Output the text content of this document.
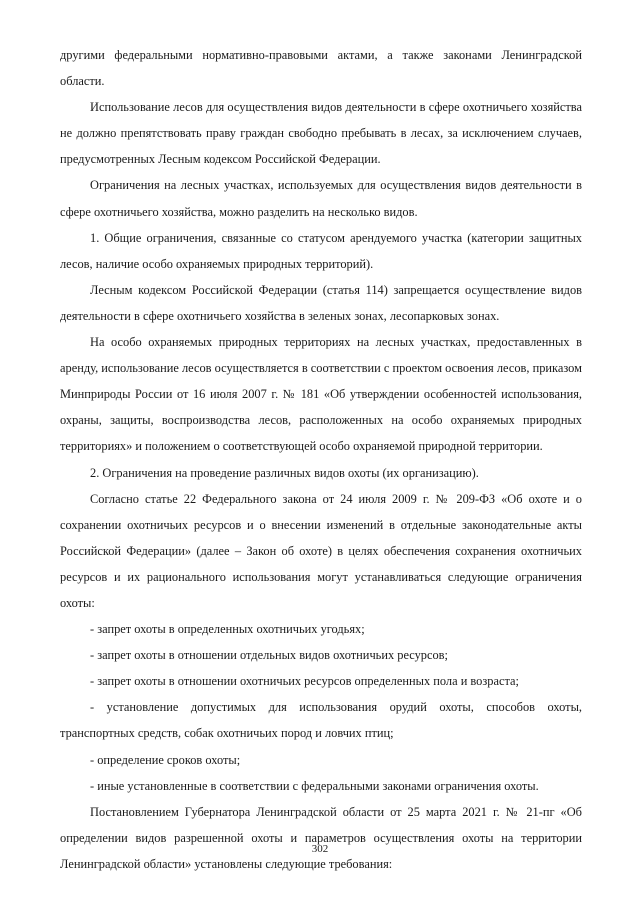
другими федеральными нормативно-правовыми актами, а также законами Ленинградской области.

Использование лесов для осуществления видов деятельности в сфере охотничьего хозяйства не должно препятствовать праву граждан свободно пребывать в лесах, за исключением случаев, предусмотренных Лесным кодексом Российской Федерации.

Ограничения на лесных участках, используемых для осуществления видов деятельности в сфере охотничьего хозяйства, можно разделить на несколько видов.

1. Общие ограничения, связанные со статусом арендуемого участка (категории защитных лесов, наличие особо охраняемых природных территорий).

Лесным кодексом Российской Федерации (статья 114) запрещается осуществление видов деятельности в сфере охотничьего хозяйства в зеленых зонах, лесопарковых зонах.

На особо охраняемых природных территориях на лесных участках, предоставленных в аренду, использование лесов осуществляется в соответствии с проектом освоения лесов, приказом Минприроды России от 16 июля 2007 г. № 181 «Об утверждении особенностей использования, охраны, защиты, воспроизводства лесов, расположенных на особо охраняемых природных территориях» и положением о соответствующей особо охраняемой природной территории.

2. Ограничения на проведение различных видов охоты (их организацию).

Согласно статье 22 Федерального закона от 24 июля 2009 г. № 209-ФЗ «Об охоте и о сохранении охотничьих ресурсов и о внесении изменений в отдельные законодательные акты Российской Федерации» (далее – Закон об охоте) в целях обеспечения сохранения охотничьих ресурсов и их рационального использования могут устанавливаться следующие ограничения охоты:

- запрет охоты в определенных охотничьих угодьях;

- запрет охоты в отношении отдельных видов охотничьих ресурсов;

- запрет охоты в отношении охотничьих ресурсов определенных пола и возраста;

- установление допустимых для использования орудий охоты, способов охоты, транспортных средств, собак охотничьих пород и ловчих птиц;

- определение сроков охоты;

- иные установленные в соответствии с федеральными законами ограничения охоты.

Постановлением Губернатора Ленинградской области от 25 марта 2021 г. № 21-пг «Об определении видов разрешенной охоты и параметров осуществления охоты на территории Ленинградской области» установлены следующие требования:

302
